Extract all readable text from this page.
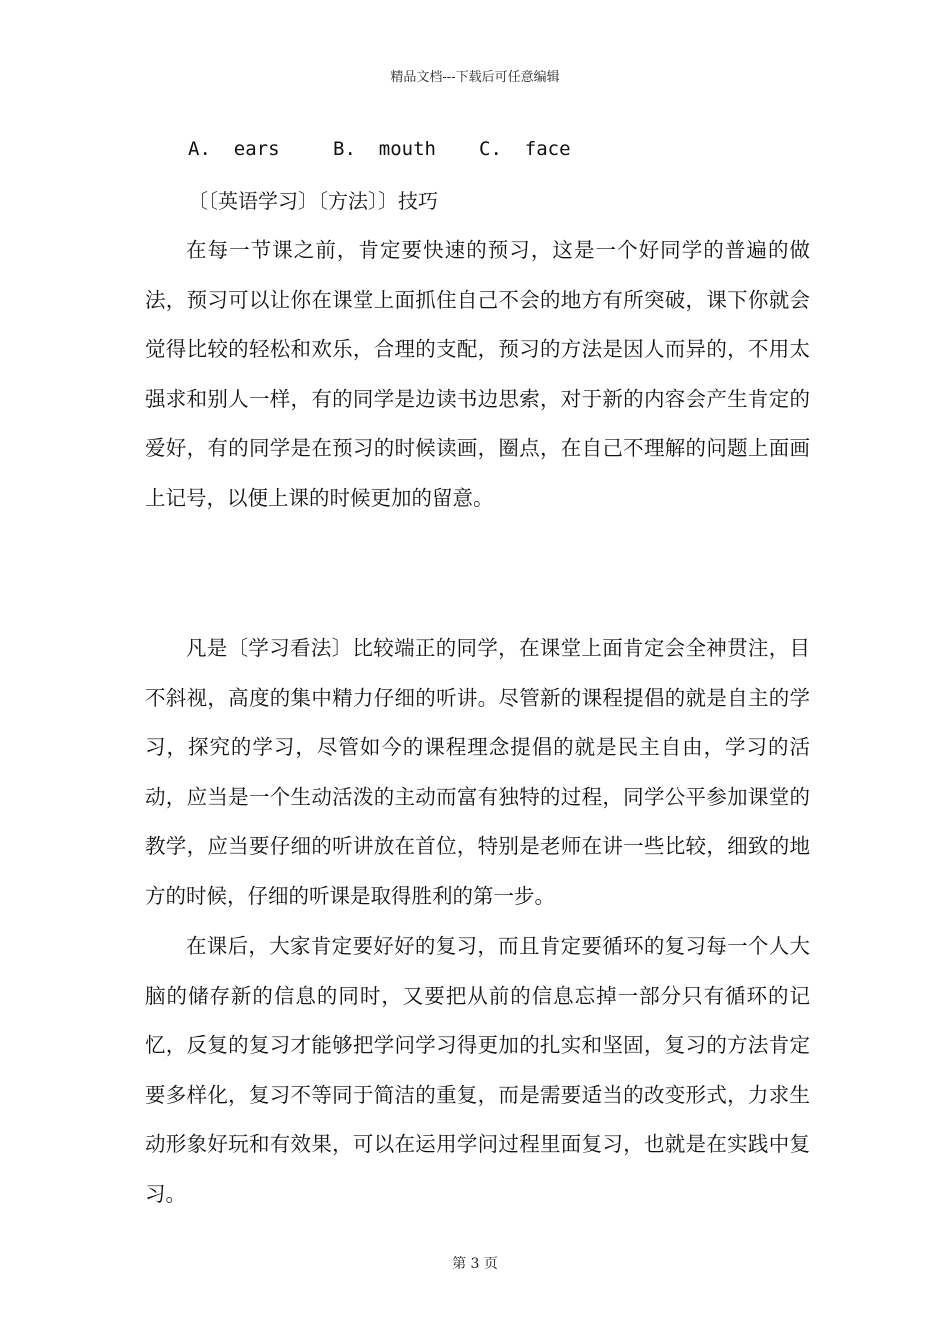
精品文档---下载后可任意编辑
A.  ears	B.  mouth C.  face
〔〔英语学习〕〔方法〕〕技巧

在每一节课之前，肯定要快速的预习，这是一个好同学的普遍的做法，预习可以让你在课堂上面抓住自己不会的地方有所突破，课下你就会觉得比较的轻松和欢乐，合理的支配，预习的方法是因人而异的，不用太强求和别人一样，有的同学是边读书边思索，对于新的内容会产生肯定的爱好，有的同学是在预习的时候读画，圈点，在自己不理解的问题上面画上记号，以便上课的时候更加的留意。

凡是〔学习看法〕比较端正的同学，在课堂上面肯定会全神贯注，目不斜视，高度的集中精力仔细的听讲。尽管新的课程提倡的就是自主的学习，探究的学习，尽管如今的课程理念提倡的就是民主自由，学习的活动，应当是一个生动活泼的主动而富有独特的过程，同学公平参加课堂的教学，应当要仔细的听讲放在首位，特别是老师在讲一些比较，细致的地方的时候，仔细的听课是取得胜利的第一步。

在课后，大家肯定要好好的复习，而且肯定要循环的复习每一个人大脑的储存新的信息的同时，又要把从前的信息忘掉一部分只有循环的记忆，反复的复习才能够把学问学习得更加的扎实和坚固，复习的方法肯定要多样化，复习不等同于简洁的重复，而是需要适当的改变形式，力求生动形象好玩和有效果，可以在运用学问过程里面复习，也就是在实践中复习。

第 3 页
